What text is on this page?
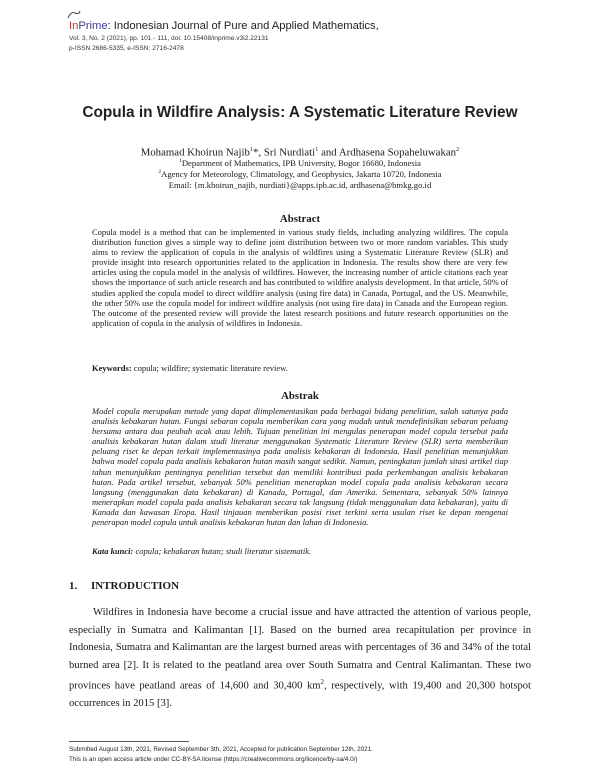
InPrime: Indonesian Journal of Pure and Applied Mathematics,
Vol. 3, No. 2 (2021), pp. 101 - 111, doi: 10.15408/inprime.v3i2.22131
p-ISSN 2686-5335, e-ISSN: 2716-2478
Copula in Wildfire Analysis: A Systematic Literature Review
Mohamad Khoirun Najib$^1$*, Sri Nurdiati$^1$ and Ardhasena Sopaheluwakan$^2$
$^1$Department of Mathematics, IPB University, Bogor 16680, Indonesia
$^2$Agency for Meteorology, Climatology, and Geophysics, Jakarta 10720, Indonesia
Email: {m.khoirun_najib, nurdiati}@apps.ipb.ac.id, ardhasena@bmkg.go.id
Abstract
Copula model is a method that can be implemented in various study fields, including analyzing wildfires. The copula distribution function gives a simple way to define joint distribution between two or more random variables. This study aims to review the application of copula in the analysis of wildfires using a Systematic Literature Review (SLR) and provide insight into research opportunities related to the application in Indonesia. The results show there are very few articles using the copula model in the analysis of wildfires. However, the increasing number of article citations each year shows the importance of such article research and has contributed to wildfire analysis development. In that article, 50% of studies applied the copula model to direct wildfire analysis (using fire data) in Canada, Portugal, and the US. Meanwhile, the other 50% use the copula model for indirect wildfire analysis (not using fire data) in Canada and the European region. The outcome of the presented review will provide the latest research positions and future research opportunities on the application of copula in the analysis of wildfires in Indonesia.
Keywords: copula; wildfire; systematic literature review.
Abstrak
Model copula merupakan metode yang dapat diimplementasikan pada berbagai bidang penelitian, salah satunya pada analisis kebakaran hutan. Fungsi sebaran copula memberikan cara yang mudah untuk mendefinisikan sebaran peluang bersama antara dua peubah acak atau lebih. Tujuan penelitian ini mengulas penerapan model copula tersebut pada analisis kebakaran hutan dalam studi literatur menggunakan Systematic Literature Review (SLR) serta memberikan peluang riset ke depan terkait implementasinya pada analisis kebakaran di Indonesia. Hasil penelitian menunjukkan bahwa model copula pada analisis kebakaran hutan masih sangat sedikit. Namun, peningkatan jumlah sitasi artikel tiap tahun menunjukkan pentingnya penelitian tersebut dan memiliki kontribusi pada perkembangan analisis kebakaran hutan. Pada artikel tersebut, sebanyak 50% penelitian menerapkan model copula pada analisis kebakaran secara langsung (menggunakan data kebakaran) di Kanada, Portugal, dan Amerika. Sementara, sebanyak 50% lainnya menerapkan model copula pada analisis kebakaran secara tak langsung (tidak menggunakan data kebakaran), yaitu di Kanada dan kawasan Eropa. Hasil tinjauan memberikan posisi riset terkini serta usulan riset ke depan mengenai penerapan model copula untuk analisis kebakaran hutan dan lahan di Indonesia.
Kata kunci: copula; kebakaran hutan; studi literatur sistematik.
1. INTRODUCTION
Wildfires in Indonesia have become a crucial issue and have attracted the attention of various people, especially in Sumatra and Kalimantan [1]. Based on the burned area recapitulation per province in Indonesia, Sumatra and Kalimantan are the largest burned areas with percentages of 36 and 34% of the total burned area [2]. It is related to the peatland area over South Sumatra and Central Kalimantan. These two provinces have peatland areas of 14,600 and 30,400 $km^2$, respectively, with 19,400 and 20,300 hotspot occurrences in 2015 [3].
Submitted August 13th, 2021, Revised September 3th, 2021, Accepted for publication September 12th, 2021.
This is an open access article under CC-BY-SA license (https://creativecommons.org/licence/by-sa/4.0/)
